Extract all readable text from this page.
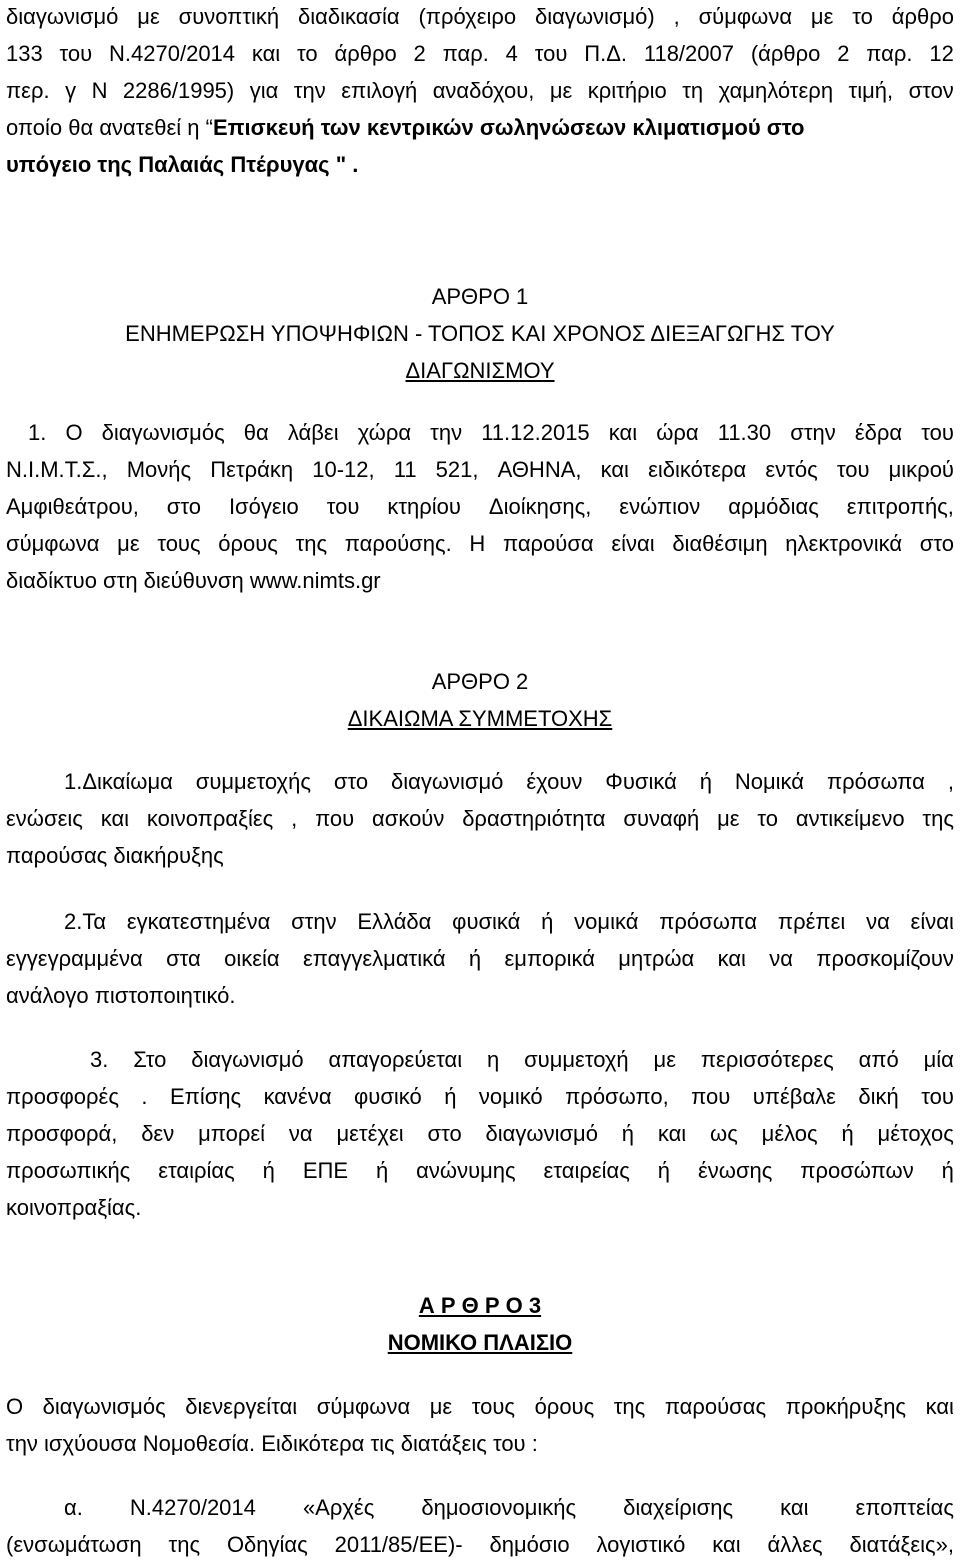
διαγωνισμό με συνοπτική διαδικασία (πρόχειρο διαγωνισμό) , σύμφωνα με το άρθρο
133 του Ν.4270/2014 και το άρθρο 2 παρ. 4 του Π.Δ. 118/2007 (άρθρο 2 παρ. 12
περ. γ Ν 2286/1995) για την επιλογή αναδόχου, με κριτήριο τη χαμηλότερη τιμή, στον
οποίο θα ανατεθεί η “Επισκευή των κεντρικών σωληνώσεων κλιματισμού στο
υπόγειο της Παλαιάς Πτέρυγας " .
ΑΡΘΡΟ 1
ΕΝΗΜΕΡΩΣΗ ΥΠΟΨΗΦΙΩΝ - ΤΟΠΟΣ ΚΑΙ ΧΡΟΝΟΣ ΔΙΕΞΑΓΩΓΗΣ ΤΟΥ
ΔΙΑΓΩΝΙΣΜΟΥ
1. Ο διαγωνισμός θα λάβει χώρα την 11.12.2015 και ώρα 11.30 στην έδρα του
Ν.Ι.Μ.Τ.Σ., Μονής Πετράκη 10-12, 11 521, ΑΘΗΝΑ, και ειδικότερα εντός του μικρού
Αμφιθεάτρου, στο Ισόγειο του κτηρίου Διοίκησης, ενώπιον αρμόδιας επιτροπής,
σύμφωνα με τους όρους της παρούσης. Η παρούσα είναι διαθέσιμη ηλεκτρονικά στο
διαδίκτυο στη διεύθυνση www.nimts.gr
ΑΡΘΡΟ 2
ΔΙΚΑΙΩΜΑ ΣΥΜΜΕΤΟΧΗΣ
1.Δικαίωμα συμμετοχής στο διαγωνισμό έχουν Φυσικά ή Νομικά πρόσωπα ,
ενώσεις και κοινοπραξίες , που ασκούν δραστηριότητα συναφή με το αντικείμενο της
παρούσας διακήρυξης
2.Τα εγκατεστημένα στην Ελλάδα φυσικά ή νομικά πρόσωπα πρέπει να είναι
εγγεγραμμένα στα οικεία επαγγελματικά ή εμπορικά μητρώα και να προσκομίζουν
ανάλογο πιστοποιητικό.
3. Στο διαγωνισμό απαγορεύεται η συμμετοχή με περισσότερες από μία
προσφορές . Επίσης κανένα φυσικό ή νομικό πρόσωπο, που υπέβαλε δική του
προσφορά, δεν μπορεί να μετέχει στο διαγωνισμό ή και ως μέλος ή μέτοχος
προσωπικής εταιρίας ή ΕΠΕ ή ανώνυμης εταιρείας ή ένωσης προσώπων ή
κοινοπραξίας.
Α Ρ Θ Ρ Ο 3
ΝΟΜΙΚΟ ΠΛΑΙΣΙΟ
Ο διαγωνισμός διενεργείται σύμφωνα με τους όρους της παρούσας προκήρυξης και
την ισχύουσα Νομοθεσία. Ειδικότερα τις διατάξεις του :
α. Ν.4270/2014 «Αρχές δημοσιονομικής διαχείρισης και εποπτείας
(ενσωμάτωση της Οδηγίας 2011/85/ΕΕ)- δημόσιο λογιστικό και άλλες διατάξεις»,
